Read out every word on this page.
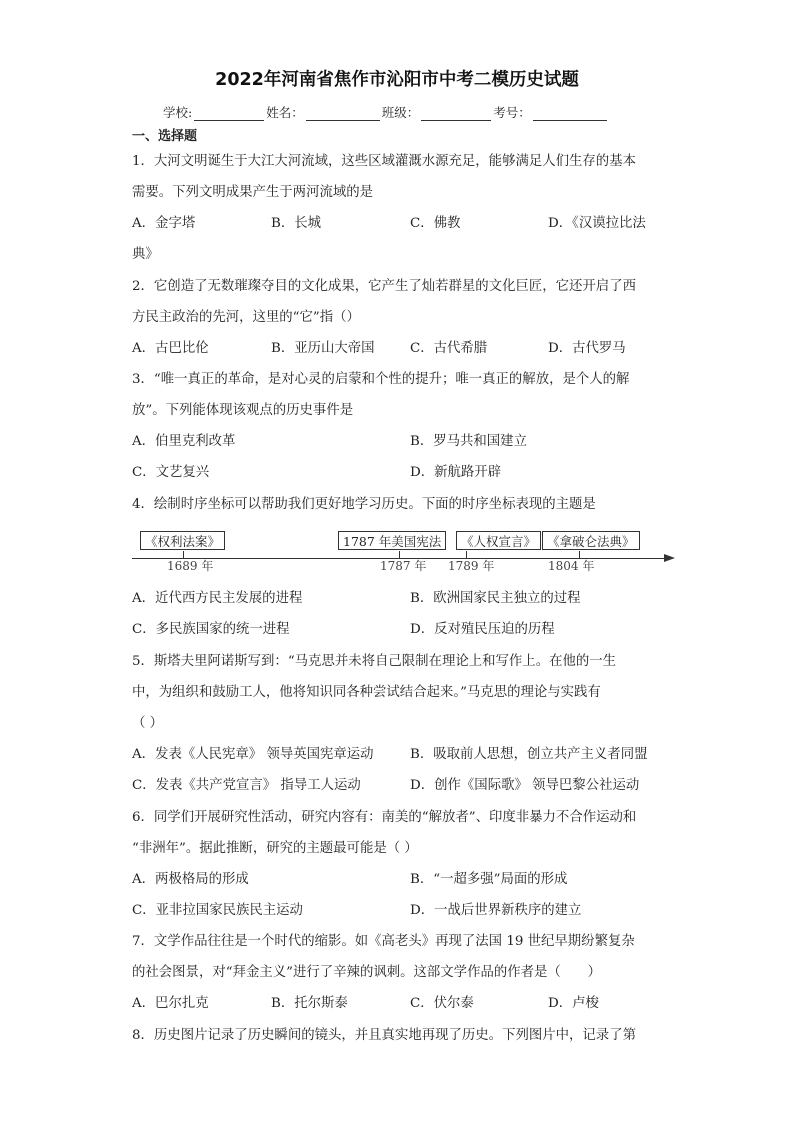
2022年河南省焦作市沁阳市中考二模历史试题
学校:	姓名：	班级：	考号：
一、选择题
1．大河文明诞生于大江大河流域，这些区域灌溉水源充足，能够满足人们生存的基本
需要。下列文明成果产生于两河流域的是
A．金字塔	B．长城	C．佛教	D．《汉谟拉比法
典》
2．它创造了无数璀璨夺目的文化成果，它产生了灿若群星的文化巨匠，它还开启了西
方民主政治的先河，这里的“它”指（）
A．古巴比伦	B．亚历山大帝国	C．古代希腊	D．古代罗马
3．“唯一真正的革命，是对心灵的启蒙和个性的提升；唯一真正的解放，是个人的解
放”。下列能体现该观点的历史事件是
A．伯里克利改革	B．罗马共和国建立
C．文艺复兴	D．新航路开辟
4．绘制时序坐标可以帮助我们更好地学习历史。下面的时序坐标表现的主题是
《权利法案》
1689 年
1787 年美国宪法
1787 年
《人权宣言》
1789 年
《拿破仑法典》
1804 年
A．近代西方民主发展的进程	B．欧洲国家民主独立的过程
C．多民族国家的统一进程	D．反对殖民压迫的历程
5．斯塔夫里阿诺斯写到：“马克思并未将自己限制在理论上和写作上。在他的一生
中，为组织和鼓励工人，他将知识同各种尝试结合起来。”马克思的理论与实践有
（ ）
A．发表《人民宪章》 领导英国宪章运动	B．吸取前人思想，创立共产主义者同盟
C．发表《共产党宣言》 指导工人运动	D．创作《国际歌》 领导巴黎公社运动
6．同学们开展研究性活动，研究内容有：南美的“解放者”、印度非暴力不合作运动和
“非洲年”。据此推断，研究的主题最可能是（ ）
A．两极格局的形成	B．“一超多强”局面的形成
C．亚非拉国家民族民主运动	D．一战后世界新秩序的建立
7．文学作品往往是一个时代的缩影。如《高老头》再现了法国 19 世纪早期纷繁复杂
的社会图景，对“拜金主义”进行了辛辣的讽刺。这部文学作品的作者是（　　）
A．巴尔扎克	B．托尔斯泰	C．伏尔泰	D．卢梭
8．历史图片记录了历史瞬间的镜头，并且真实地再现了历史。下列图片中，记录了第
